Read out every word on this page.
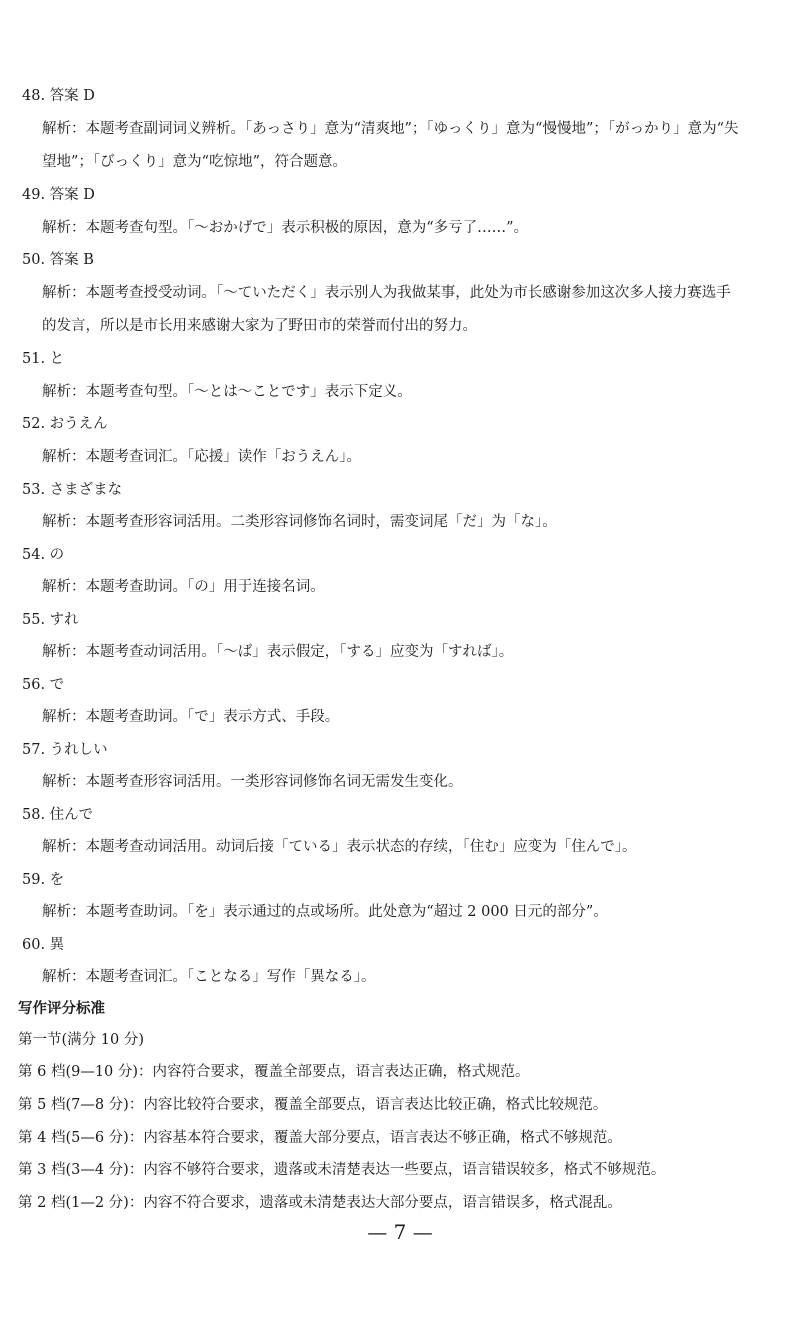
48. 答案 D
解析：本题考查副词词义辨析。「あっさり」意为“清爽地”；「ゆっくり」意为“慢慢地”；「がっかり」意为“失
望地”；「びっくり」意为“吃惊地”，符合题意。
49. 答案 D
解析：本题考查句型。「～おかげで」表示积极的原因，意为“多亏了……”。
50. 答案 B
解析：本题考查授受动词。「～ていただく」表示别人为我做某事，此处为市长感谢参加这次多人接力赛选手
的发言，所以是市长用来感谢大家为了野田市的荣誉而付出的努力。
51. と
解析：本题考查句型。「～とは～ことです」表示下定义。
52. おうえん
解析：本题考查词汇。「応援」读作「おうえん」。
53. さまざまな
解析：本题考查形容词活用。二类形容词修饰名词时，需变词尾「だ」为「な」。
54. の
解析：本题考查助词。「の」用于连接名词。
55. すれ
解析：本题考查动词活用。「～ば」表示假定，「する」应变为「すれば」。
56. で
解析：本题考查助词。「で」表示方式、手段。
57. うれしい
解析：本题考查形容词活用。一类形容词修饰名词无需发生变化。
58. 住んで
解析：本题考查动词活用。动词后接「ている」表示状态的存续，「住む」应变为「住んで」。
59. を
解析：本题考查助词。「を」表示通过的点或场所。此处意为“超过 2 000 日元的部分”。
60. 異
解析：本题考查词汇。「ことなる」写作「異なる」。
写作评分标准
第一节(满分 10 分)
第 6 档(9—10 分)：内容符合要求，覆盖全部要点，语言表达正确，格式规范。
第 5 档(7—8 分)：内容比较符合要求，覆盖全部要点，语言表达比较正确，格式比较规范。
第 4 档(5—6 分)：内容基本符合要求，覆盖大部分要点，语言表达不够正确，格式不够规范。
第 3 档(3—4 分)：内容不够符合要求，遗落或未清楚表达一些要点，语言错误较多，格式不够规范。
第 2 档(1—2 分)：内容不符合要求，遗落或未清楚表达大部分要点，语言错误多，格式混乱。
— 7 —
